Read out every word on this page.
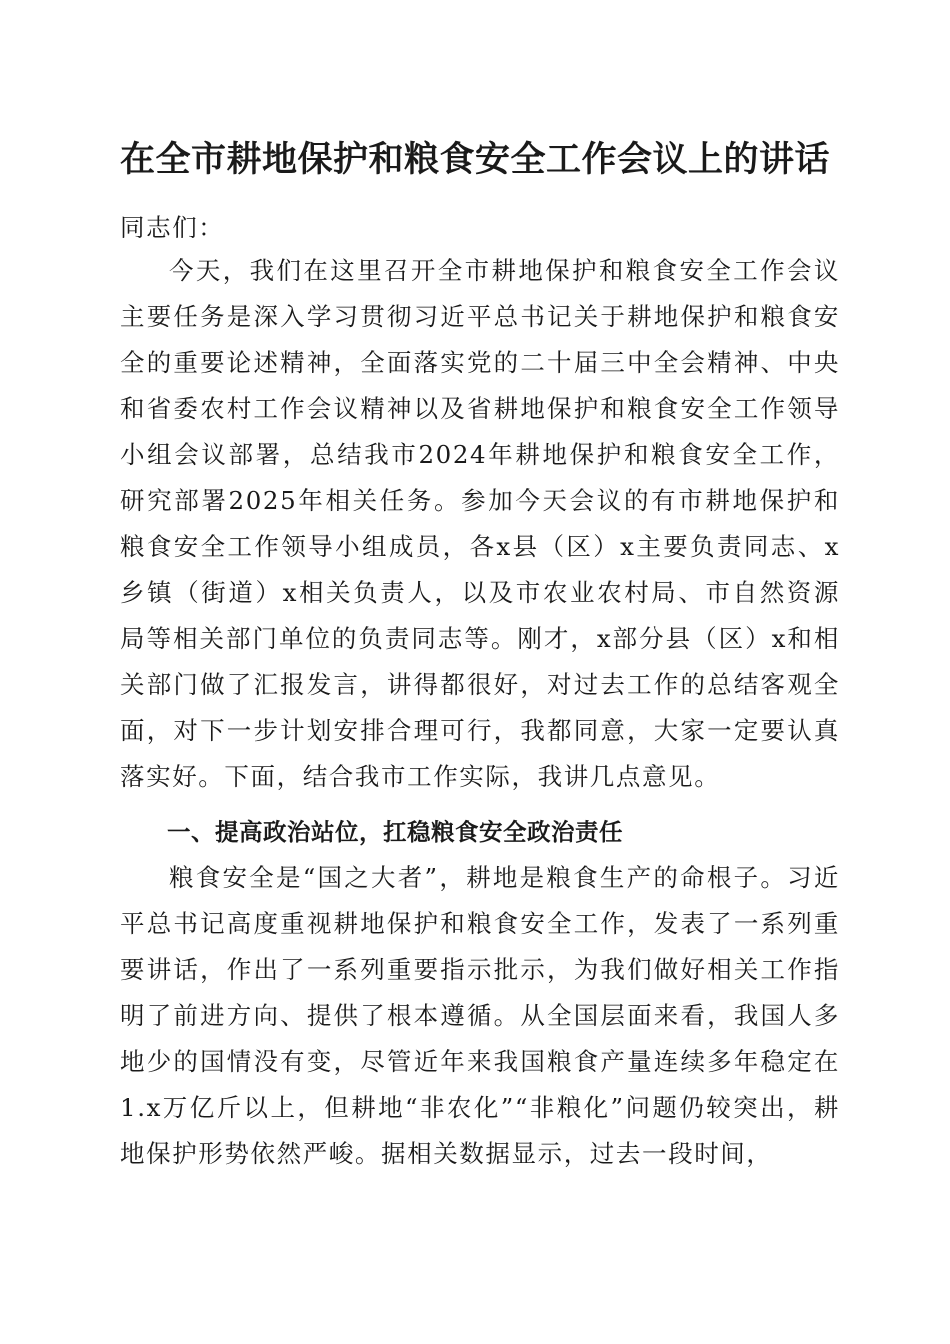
在全市耕地保护和粮食安全工作会议上的讲话
同志们：
今天，我们在这里召开全市耕地保护和粮食安全工作会议主要任务是深入学习贯彻习近平总书记关于耕地保护和粮食安全的重要论述精神，全面落实党的二十届三中全会精神、中央和省委农村工作会议精神以及省耕地保护和粮食安全工作领导小组会议部署，总结我市2024年耕地保护和粮食安全工作，研究部署2025年相关任务。参加今天会议的有市耕地保护和粮食安全工作领导小组成员，各x县（区）x主要负责同志、x乡镇（街道）x相关负责人，以及市农业农村局、市自然资源局等相关部门单位的负责同志等。刚才，x部分县（区）x和相关部门做了汇报发言，讲得都很好，对过去工作的总结客观全面，对下一步计划安排合理可行，我都同意，大家一定要认真落实好。下面，结合我市工作实际，我讲几点意见。
一、提高政治站位，扛稳粮食安全政治责任
粮食安全是“国之大者”，耕地是粮食生产的命根子。习近平总书记高度重视耕地保护和粮食安全工作，发表了一系列重要讲话，作出了一系列重要指示批示，为我们做好相关工作指明了前进方向、提供了根本遵循。从全国层面来看，我国人多地少的国情没有变，尽管近年来我国粮食产量连续多年稳定在1.x万亿斤以上，但耕地“非农化”“非粮化”问题仍较突出，耕地保护形势依然严峻。据相关数据显示，过去一段时间，
